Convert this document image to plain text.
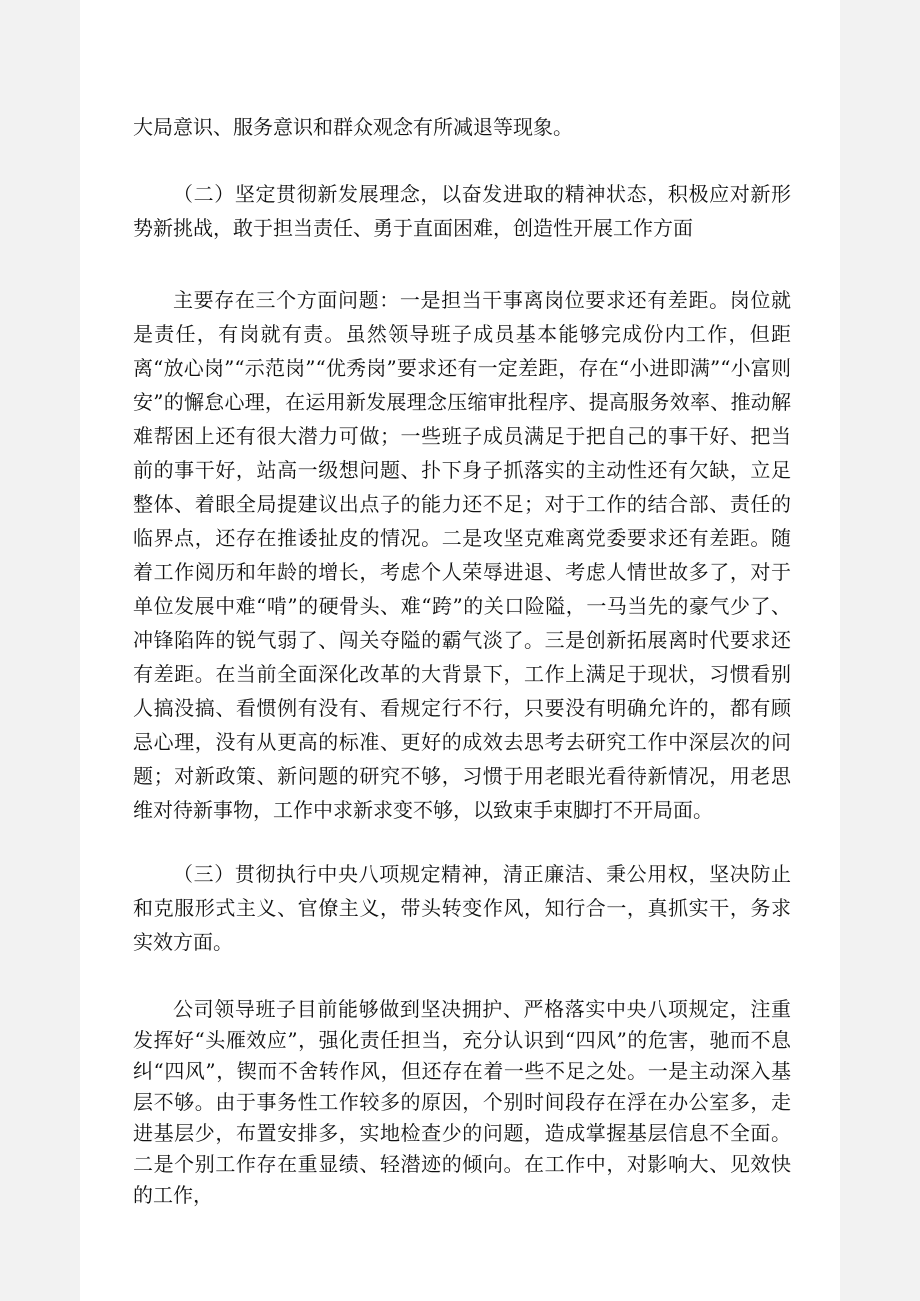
大局意识、服务意识和群众观念有所减退等现象。

（二）坚定贯彻新发展理念，以奋发进取的精神状态，积极应对新形势新挑战，敢于担当责任、勇于直面困难，创造性开展工作方面

主要存在三个方面问题：一是担当干事离岗位要求还有差距。岗位就是责任，有岗就有责。虽然领导班子成员基本能够完成份内工作，但距离“放心岗”“示范岗”“优秀岗”要求还有一定差距，存在“小进即满”“小富则安”的懈怠心理，在运用新发展理念压缩审批程序、提高服务效率、推动解难帮困上还有很大潜力可做；一些班子成员满足于把自己的事干好、把当前的事干好，站高一级想问题、扑下身子抓落实的主动性还有欠缺，立足整体、着眼全局提建议出点子的能力还不足；对于工作的结合部、责任的临界点，还存在推诿扯皮的情况。二是攻坚克难离党委要求还有差距。随着工作阅历和年龄的增长，考虑个人荣辱进退、考虑人情世故多了，对于单位发展中难“啃”的硬骨头、难“跨”的关口险隘，一马当先的豪气少了、冲锋陷阵的锐气弱了、闯关夺隘的霸气淡了。三是创新拓展离时代要求还有差距。在当前全面深化改革的大背景下，工作上满足于现状，习惯看别人搞没搞、看惯例有没有、看规定行不行，只要没有明确允许的，都有顾忌心理，没有从更高的标准、更好的成效去思考去研究工作中深层次的问题；对新政策、新问题的研究不够，习惯于用老眼光看待新情况，用老思维对待新事物，工作中求新求变不够，以致束手束脚打不开局面。

（三）贯彻执行中央八项规定精神，清正廉洁、秉公用权，坚决防止和克服形式主义、官僚主义，带头转变作风，知行合一，真抓实干，务求实效方面。

公司领导班子目前能够做到坚决拥护、严格落实中央八项规定，注重发挥好“头雁效应”，强化责任担当，充分认识到“四风”的危害，驰而不息纠“四风”，锲而不舍转作风，但还存在着一些不足之处。一是主动深入基层不够。由于事务性工作较多的原因，个别时间段存在浮在办公室多，走进基层少，布置安排多，实地检查少的问题，造成掌握基层信息不全面。二是个别工作存在重显绩、轻潜迹的倾向。在工作中，对影响大、见效快的工作，
